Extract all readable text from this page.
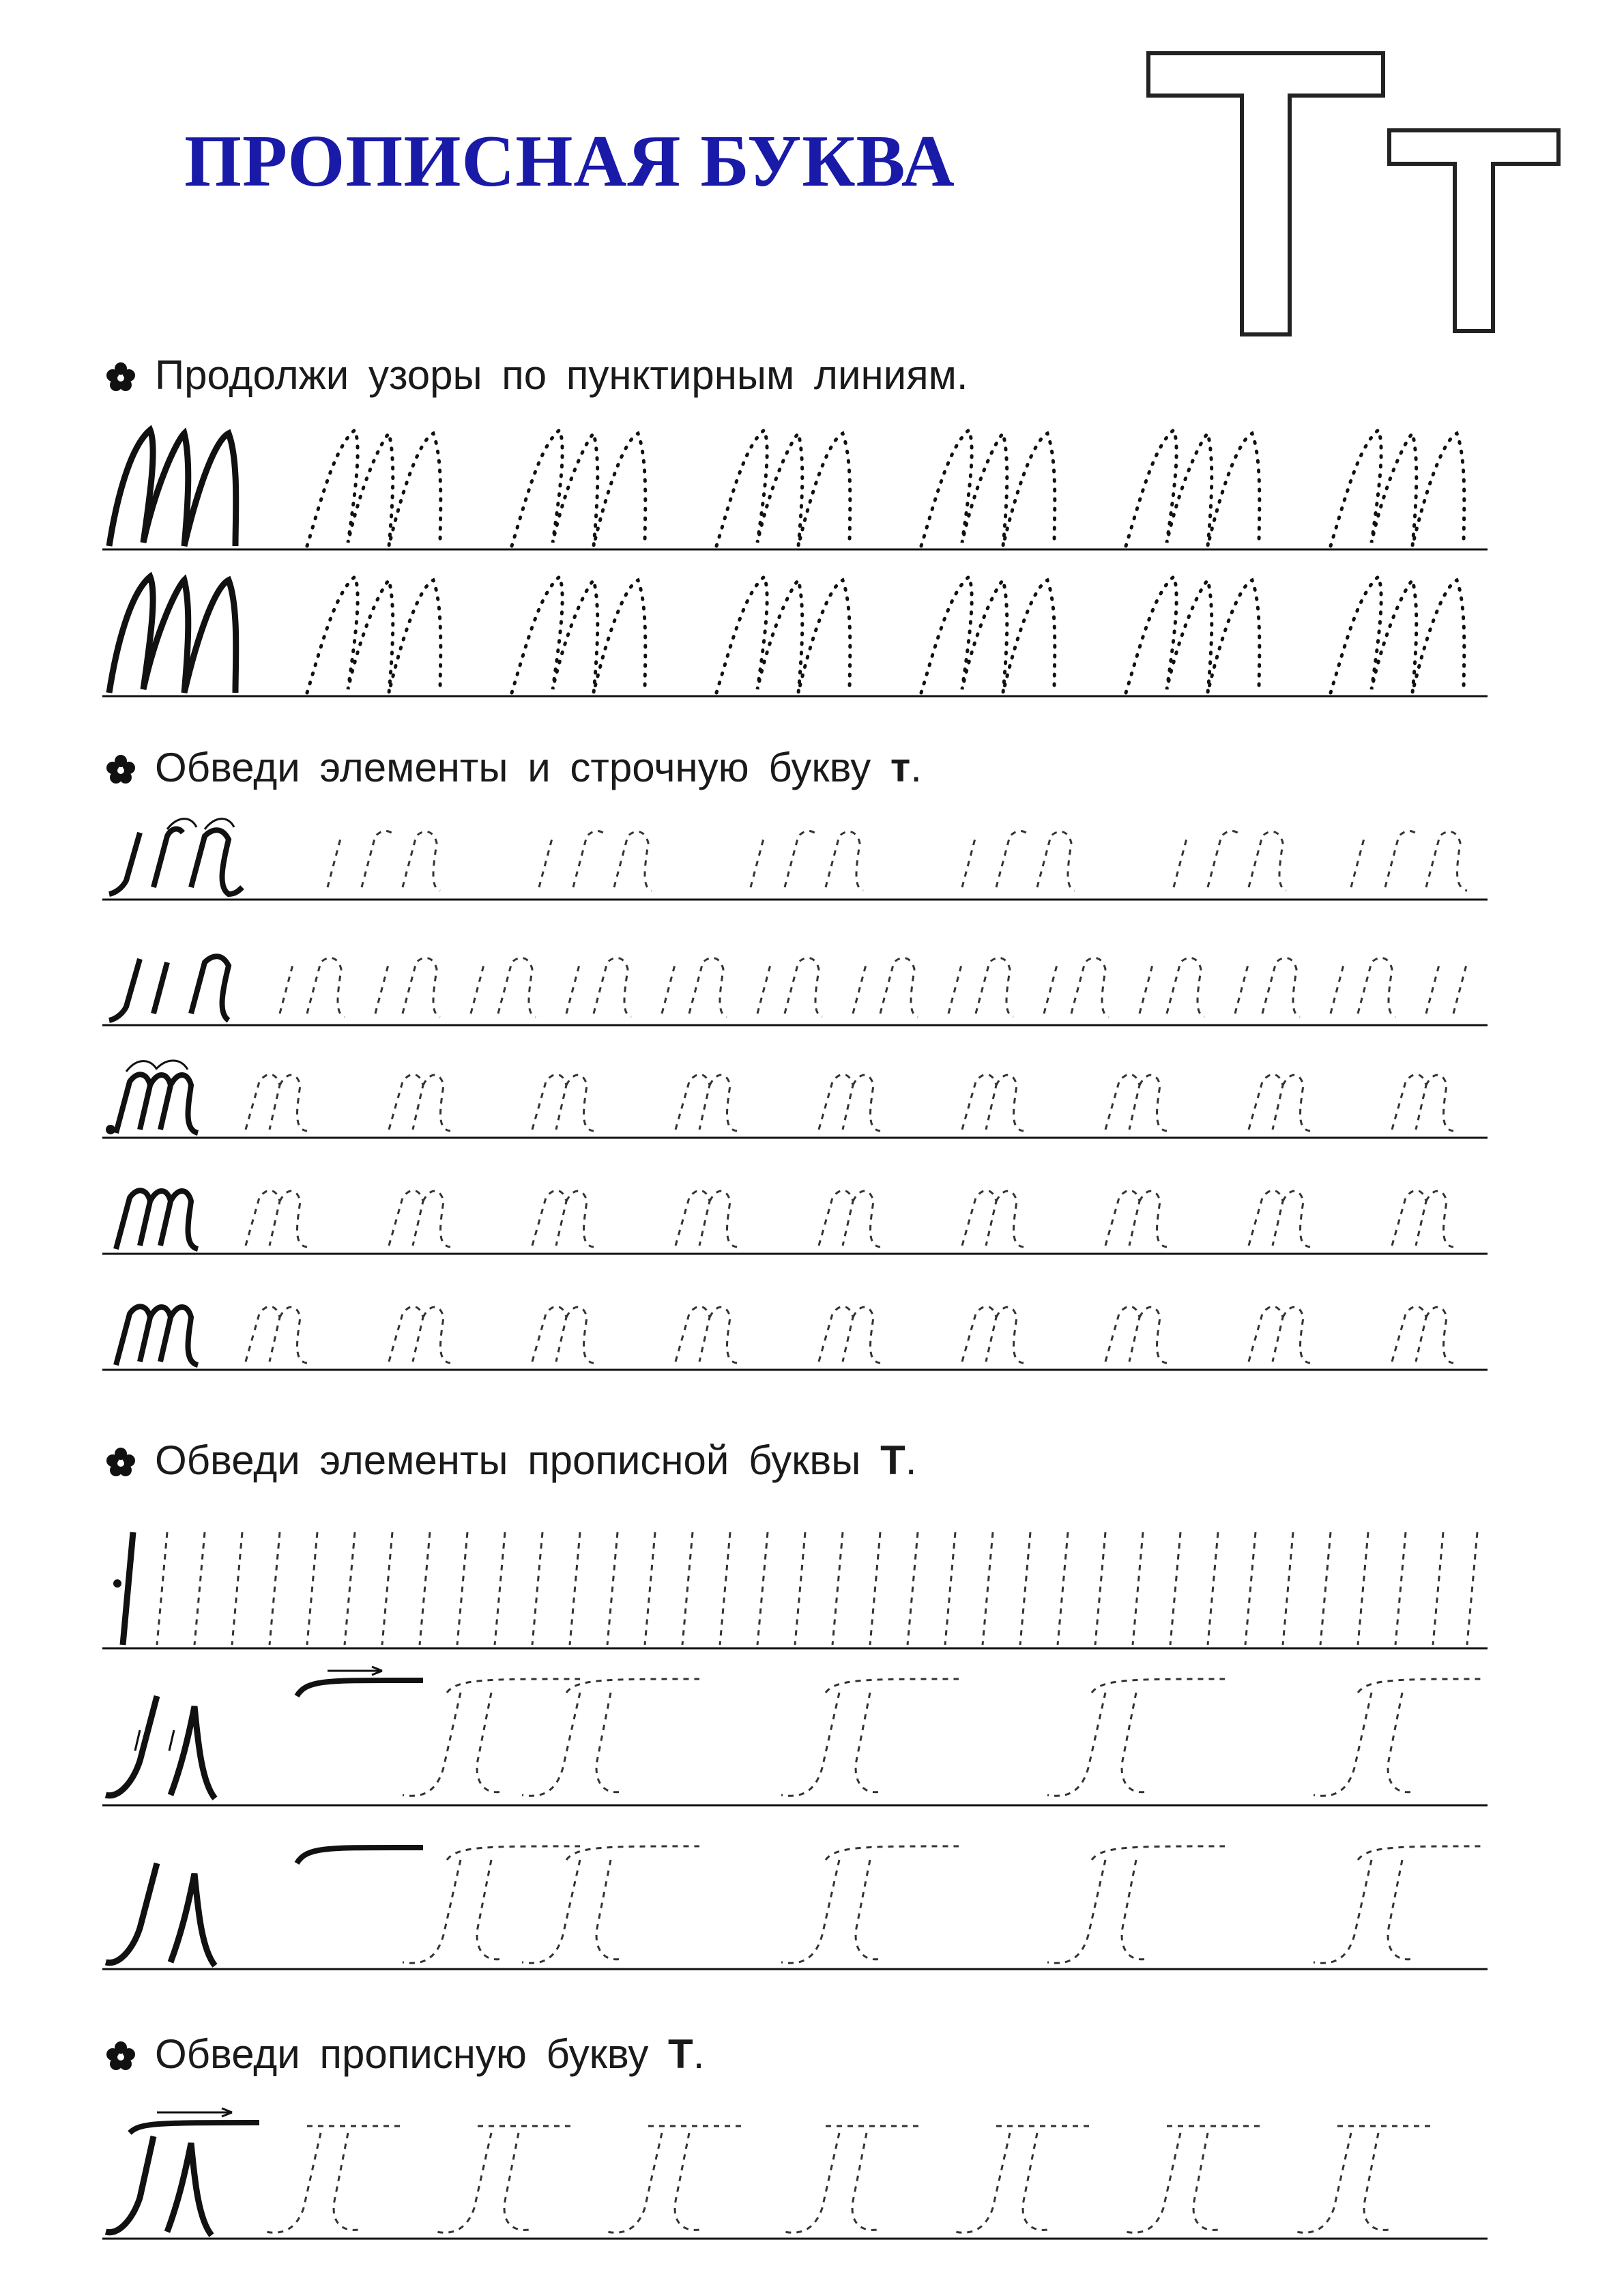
ПРОПИСНАЯ БУКВА
Продолжи узоры по пунктирным линиям.
Обведи элементы и строчную букву т.
Обведи элементы прописной буквы Т.
Обведи прописную букву Т.
